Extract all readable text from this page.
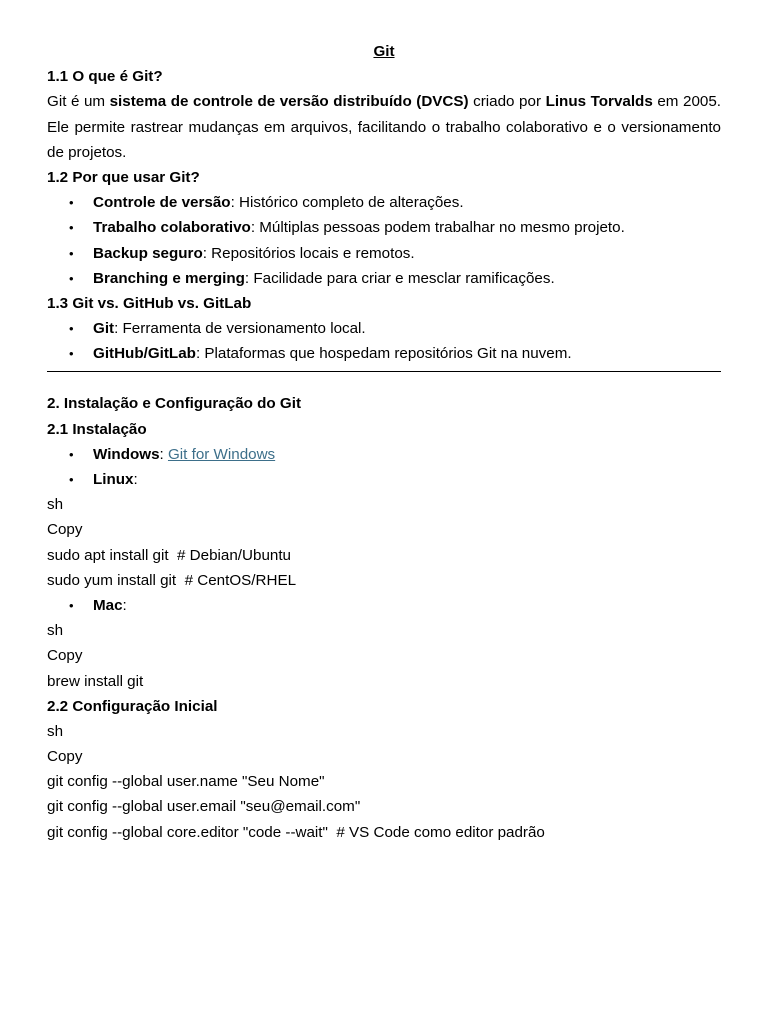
Git
1.1 O que é Git?
Git é um sistema de controle de versão distribuído (DVCS) criado por Linus Torvalds em 2005. Ele permite rastrear mudanças em arquivos, facilitando o trabalho colaborativo e o versionamento de projetos.
1.2 Por que usar Git?
• Controle de versão: Histórico completo de alterações.
• Trabalho colaborativo: Múltiplas pessoas podem trabalhar no mesmo projeto.
• Backup seguro: Repositórios locais e remotos.
• Branching e merging: Facilidade para criar e mesclar ramificações.
1.3 Git vs. GitHub vs. GitLab
• Git: Ferramenta de versionamento local.
• GitHub/GitLab: Plataformas que hospedam repositórios Git na nuvem.
2. Instalação e Configuração do Git
2.1 Instalação
• Windows: Git for Windows
• Linux:
sh
Copy
sudo apt install git  # Debian/Ubuntu
sudo yum install git  # CentOS/RHEL
• Mac:
sh
Copy
brew install git
2.2 Configuração Inicial
sh
Copy
git config --global user.name "Seu Nome"
git config --global user.email "seu@email.com"
git config --global core.editor "code --wait"  # VS Code como editor padrão
